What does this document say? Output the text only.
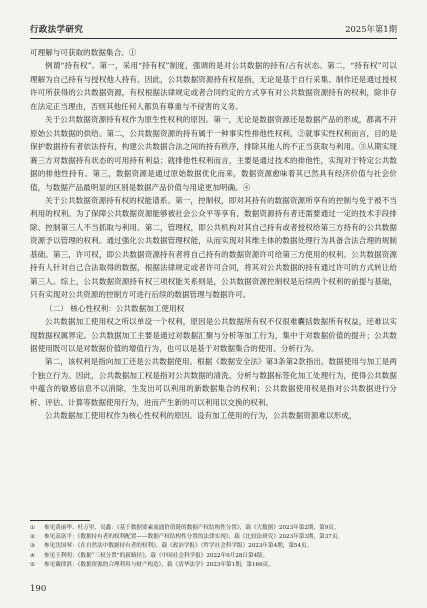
行政法学研究	2025年第1期

可理解与可获取的数据集合。①

例谓“持有权”。第一，采用“持有权”制度，强调的是对公共数据的持有/占有状态。第二，“持有权”可以理解为自己持有与授权他人持有。因此，公共数据资源持有权是指，无论是基于自行采集、制作还是通过授权许可所获得的公共数据资源，有权根据法律规定或者合同约定的方式享有对公共数据资源持有的权利，除非存在法定正当理由，否则其他任何人都负有尊重与不侵害的义务。

关于公共数据资源持有权作为原生性权利的原因。第一，无论是数据资源还是数据产品的形成，都离不开原始公共数据的供给。第二，公共数据资源的持有属于一种事实性排他性权利，②就事实性权利而言，目的是保护数据持有者依法持有，构建公共数据合法之间的持有秩序，排除其他人的不正当获取与利用。③从期实现赛三方对数据持有状态的可用持有利益；就排他性权利而言，主要是通过技术的排他性，实现对于特定公共数据的排他性持有。第三，数据资源是通过原始数据优化而来，数据资源愈味着其已然具有经济价值与社会价值，与数据产品最明显的区别是数据产品价值与用途更加明确。④

关于公共数据资源持有权的权能谱系。第一，控制权，即对其持有的数据资源所享有的控制与免于被不当利用的权利。为了保障公共数据资源能够被社会公众平等享有，数据资源持有者还需要通过一定的技术手段排除、控制第三人不当抓取与利用。第二，管理权，即公共机构对其自己持有或者授权给第三方持有的公共数据资源予以管理的权利。通过强化公共数据管理权能，从而实现对其维主体的数据处理行为具备合法合理的规制基础。第三，许可权，即公共数据资源持有者将自己持有的数据资源许可给第三方使用的权利。公共数据资源持有人针对自己合法取得的数据，根据法律规定或者许可合同，将其对公共数据的持有通过许可的方式转让给第三人。综上，公共数据资源持有权三项权能关系则是，公共数据资源控制权是后续两个权利的前提与基础，只有实现对公共资源的控制方可进行后续的数据管理与数据许可。

（二） 核心性权利：公共数据加工使用权

公共数据加工使用权之所以单设一个权利，原因是公共数据所有权不仅很难囊括数据所有权益，还难以实现数据权属界定。公共数据加工主要是通过对数据汇聚与分析等加工行为，集中于对数据价值的提升；公共数据使用既可以是对数据价值的增值行为，也可以是基于对数据集合的使用、分析行为。

第二，该权利是指向加工还是公共数据使用。根据《数据安全法》第3条第2款指出，数据使用与加工是两个独立行为。因此，公共数据加工权是指对公共数据的清洗、分析与数据标签化加工处理行为，使得公共数据中蕴含的敏感信息不以消除，生发出可以利用的新数据集合的权利；公共数据使用权是指对公共数据进行分析、评估、计算等数据使用行为，进而产生新的可以利用以交换的权利。

公共数据加工使用权作为核心性权利的原因。设有加工使用的行为，公共数据资源难以形成，

①	参见黄丽华、杜万里、吴鑫：《基于数据要素流通价值链的数据产权结构性分置》，载《大数据》2023年第2期，第9页。
②	参见高富平：《数据持有者的权利配置——数据产权结构性分置的法律实现》，载《比较法研究》2023年第3期，第37页。
③	参见沈国琴：《在自然法中数据持有者的权利》，载《政治学报》（哲学社会科学版）2023年第4期，第54页。
④	参见王利明：《数据“三权分置”的新路径》，载《中国社会科学报》2022年9月28日第4版。
⑤	参见戴律淇：《数据资源的合理利用与财产构造》，载《清华法学》2023年第1期，第166页。
190
